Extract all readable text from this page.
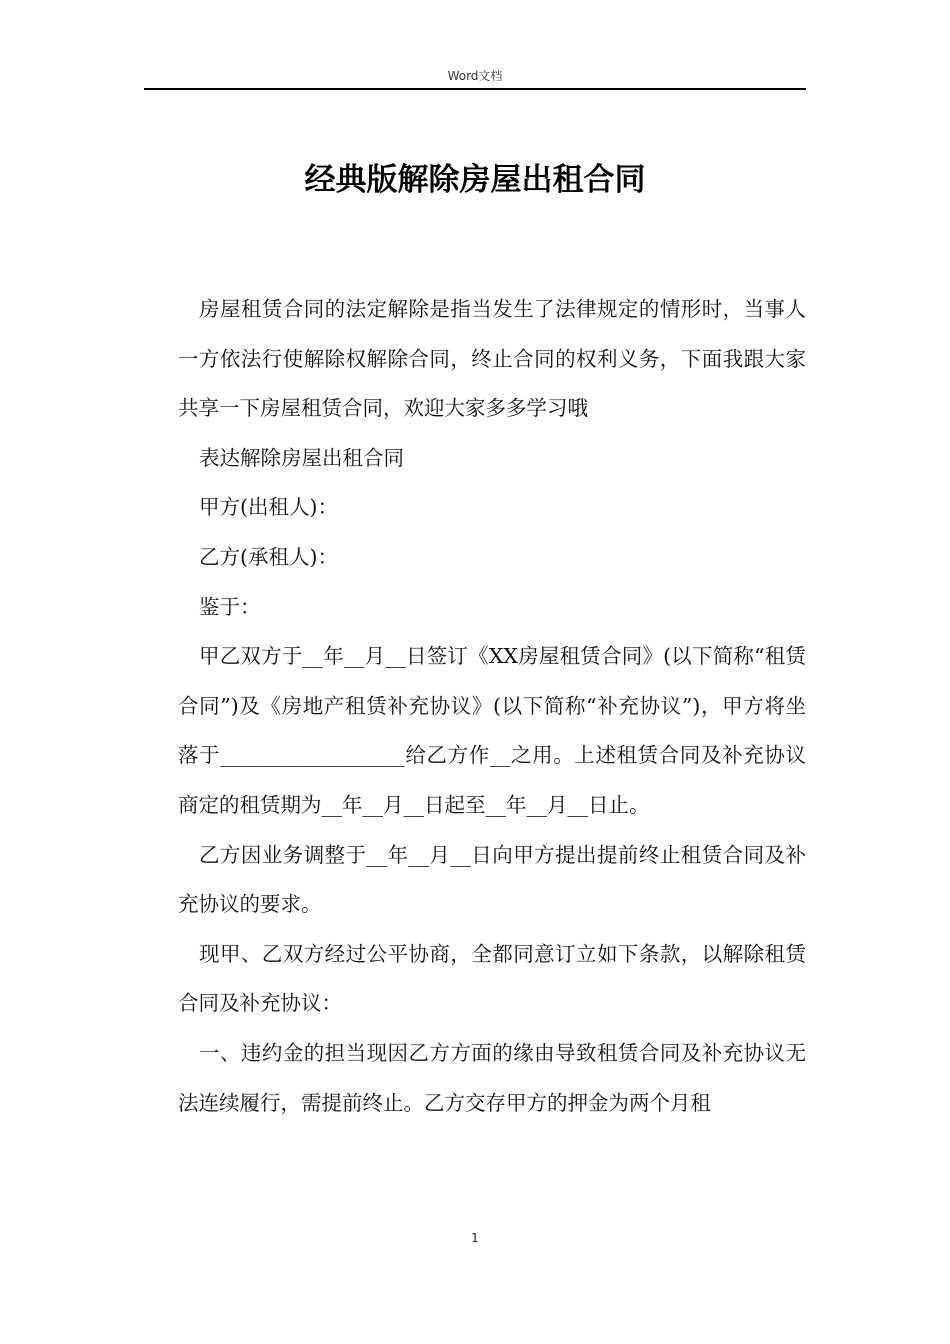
Word文档
经典版解除房屋出租合同

房屋租赁合同的法定解除是指当发生了法律规定的情形时，当事人一方依法行使解除权解除合同，终止合同的权利义务，下面我跟大家共享一下房屋租赁合同，欢迎大家多多学习哦

表达解除房屋出租合同

甲方(出租人)：

乙方(承租人)：

鉴于：

甲乙双方于__年__月__日签订《XX房屋租赁合同》(以下简称“租赁合同”)及《房地产租赁补充协议》(以下简称“补充协议”)，甲方将坐落于__________________给乙方作__之用。上述租赁合同及补充协议商定的租赁期为__年__月__日起至__年__月__日止。

乙方因业务调整于__年__月__日向甲方提出提前终止租赁合同及补充协议的要求。

现甲、乙双方经过公平协商，全都同意订立如下条款，以解除租赁合同及补充协议：

一、违约金的担当现因乙方方面的缘由导致租赁合同及补充协议无法连续履行，需提前终止。乙方交存甲方的押金为两个月租

1
